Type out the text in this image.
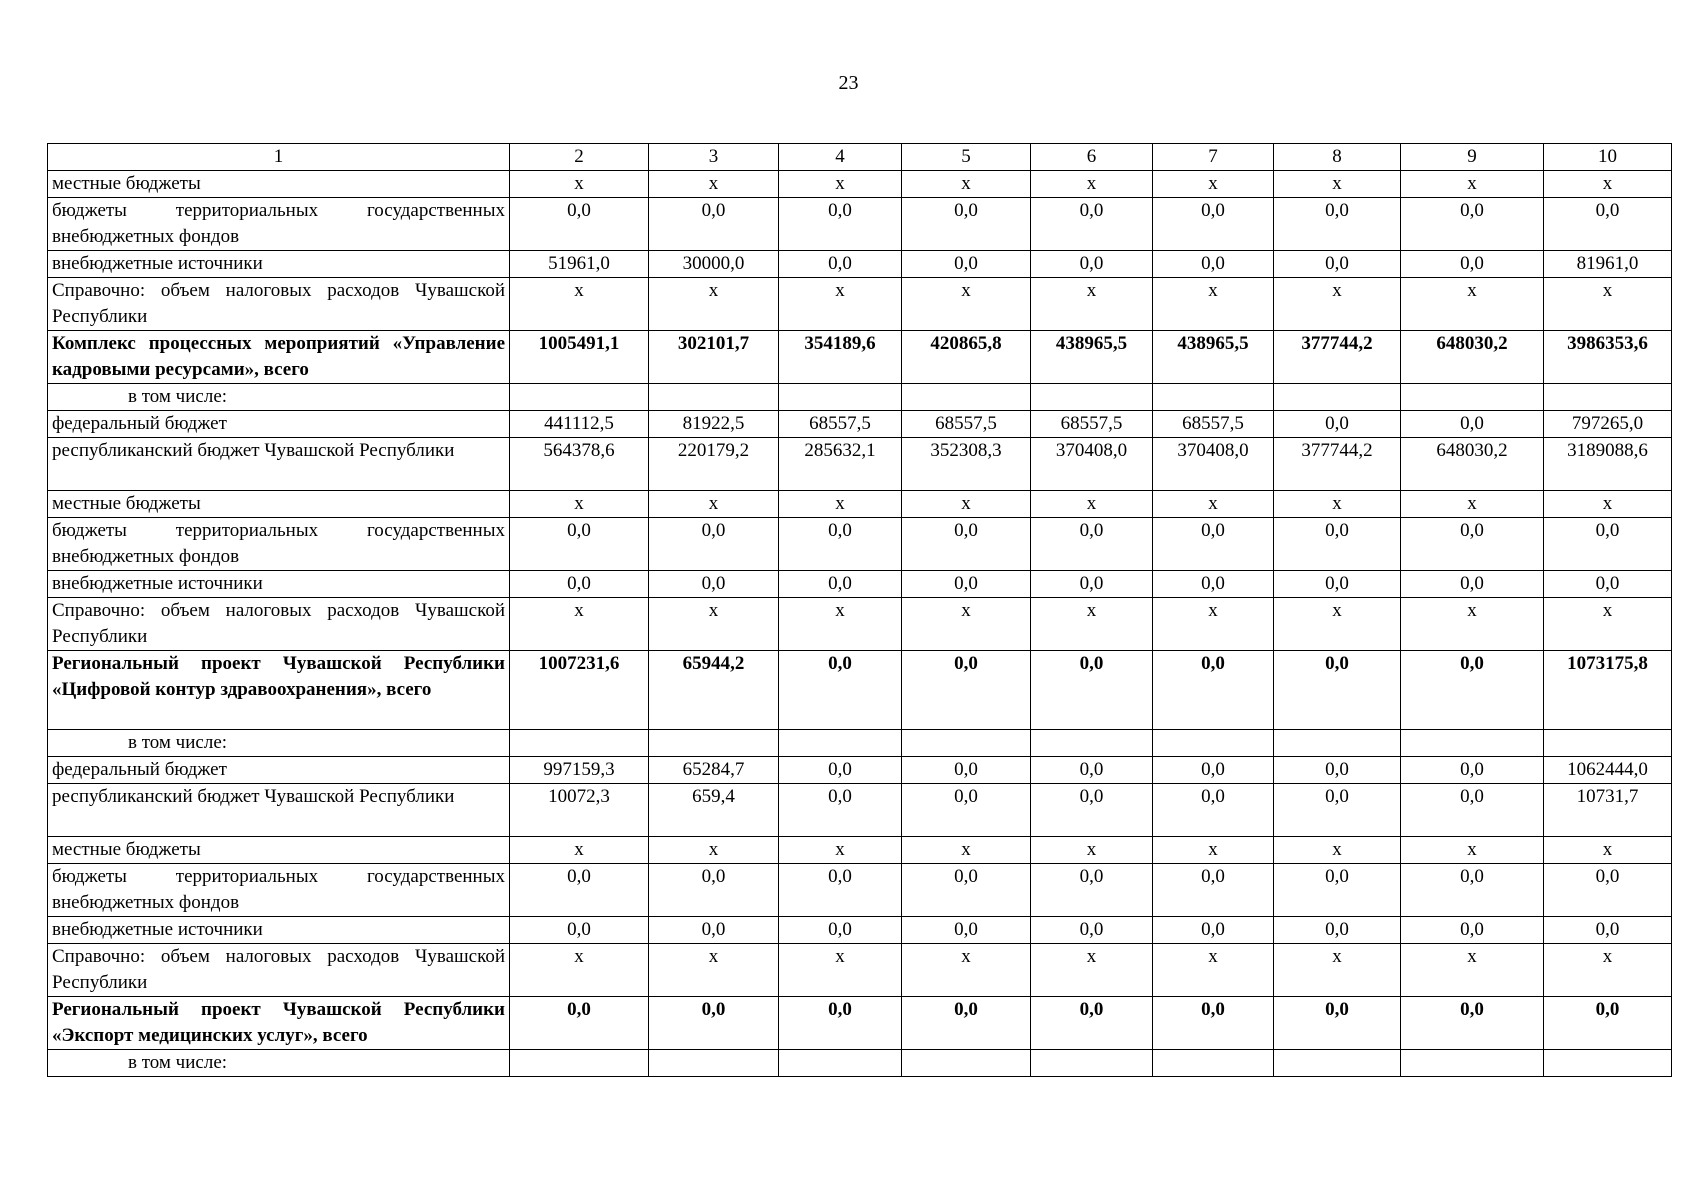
23
1	2	3	4	5	6	7	8	9	10
местные бюджеты	x	x	x	x	x	x	x	x	x
бюджеты территориальных государственных внебюджетных фондов	0,0	0,0	0,0	0,0	0,0	0,0	0,0	0,0	0,0
внебюджетные источники	51961,0	30000,0	0,0	0,0	0,0	0,0	0,0	0,0	81961,0
Справочно: объем налоговых расходов Чувашской Республики	x	x	x	x	x	x	x	x	x
Комплекс процессных мероприятий «Управление кадровыми ресурсами», всего	1005491,1	302101,7	354189,6	420865,8	438965,5	438965,5	377744,2	648030,2	3986353,6
в том числе:									
федеральный бюджет	441112,5	81922,5	68557,5	68557,5	68557,5	68557,5	0,0	0,0	797265,0
республиканский бюджет Чувашской Республики	564378,6	220179,2	285632,1	352308,3	370408,0	370408,0	377744,2	648030,2	3189088,6
местные бюджеты	x	x	x	x	x	x	x	x	x
бюджеты территориальных государственных внебюджетных фондов	0,0	0,0	0,0	0,0	0,0	0,0	0,0	0,0	0,0
внебюджетные источники	0,0	0,0	0,0	0,0	0,0	0,0	0,0	0,0	0,0
Справочно: объем налоговых расходов Чувашской Республики	x	x	x	x	x	x	x	x	x
Региональный проект Чувашской Республики «Цифровой контур здравоохранения», всего	1007231,6	65944,2	0,0	0,0	0,0	0,0	0,0	0,0	1073175,8
в том числе:									
федеральный бюджет	997159,3	65284,7	0,0	0,0	0,0	0,0	0,0	0,0	1062444,0
республиканский бюджет Чувашской Республики	10072,3	659,4	0,0	0,0	0,0	0,0	0,0	0,0	10731,7
местные бюджеты	x	x	x	x	x	x	x	x	x
бюджеты территориальных государственных внебюджетных фондов	0,0	0,0	0,0	0,0	0,0	0,0	0,0	0,0	0,0
внебюджетные источники	0,0	0,0	0,0	0,0	0,0	0,0	0,0	0,0	0,0
Справочно: объем налоговых расходов Чувашской Республики	x	x	x	x	x	x	x	x	x
Региональный проект Чувашской Республики «Экспорт медицинских услуг», всего	0,0	0,0	0,0	0,0	0,0	0,0	0,0	0,0	0,0
в том числе:									
